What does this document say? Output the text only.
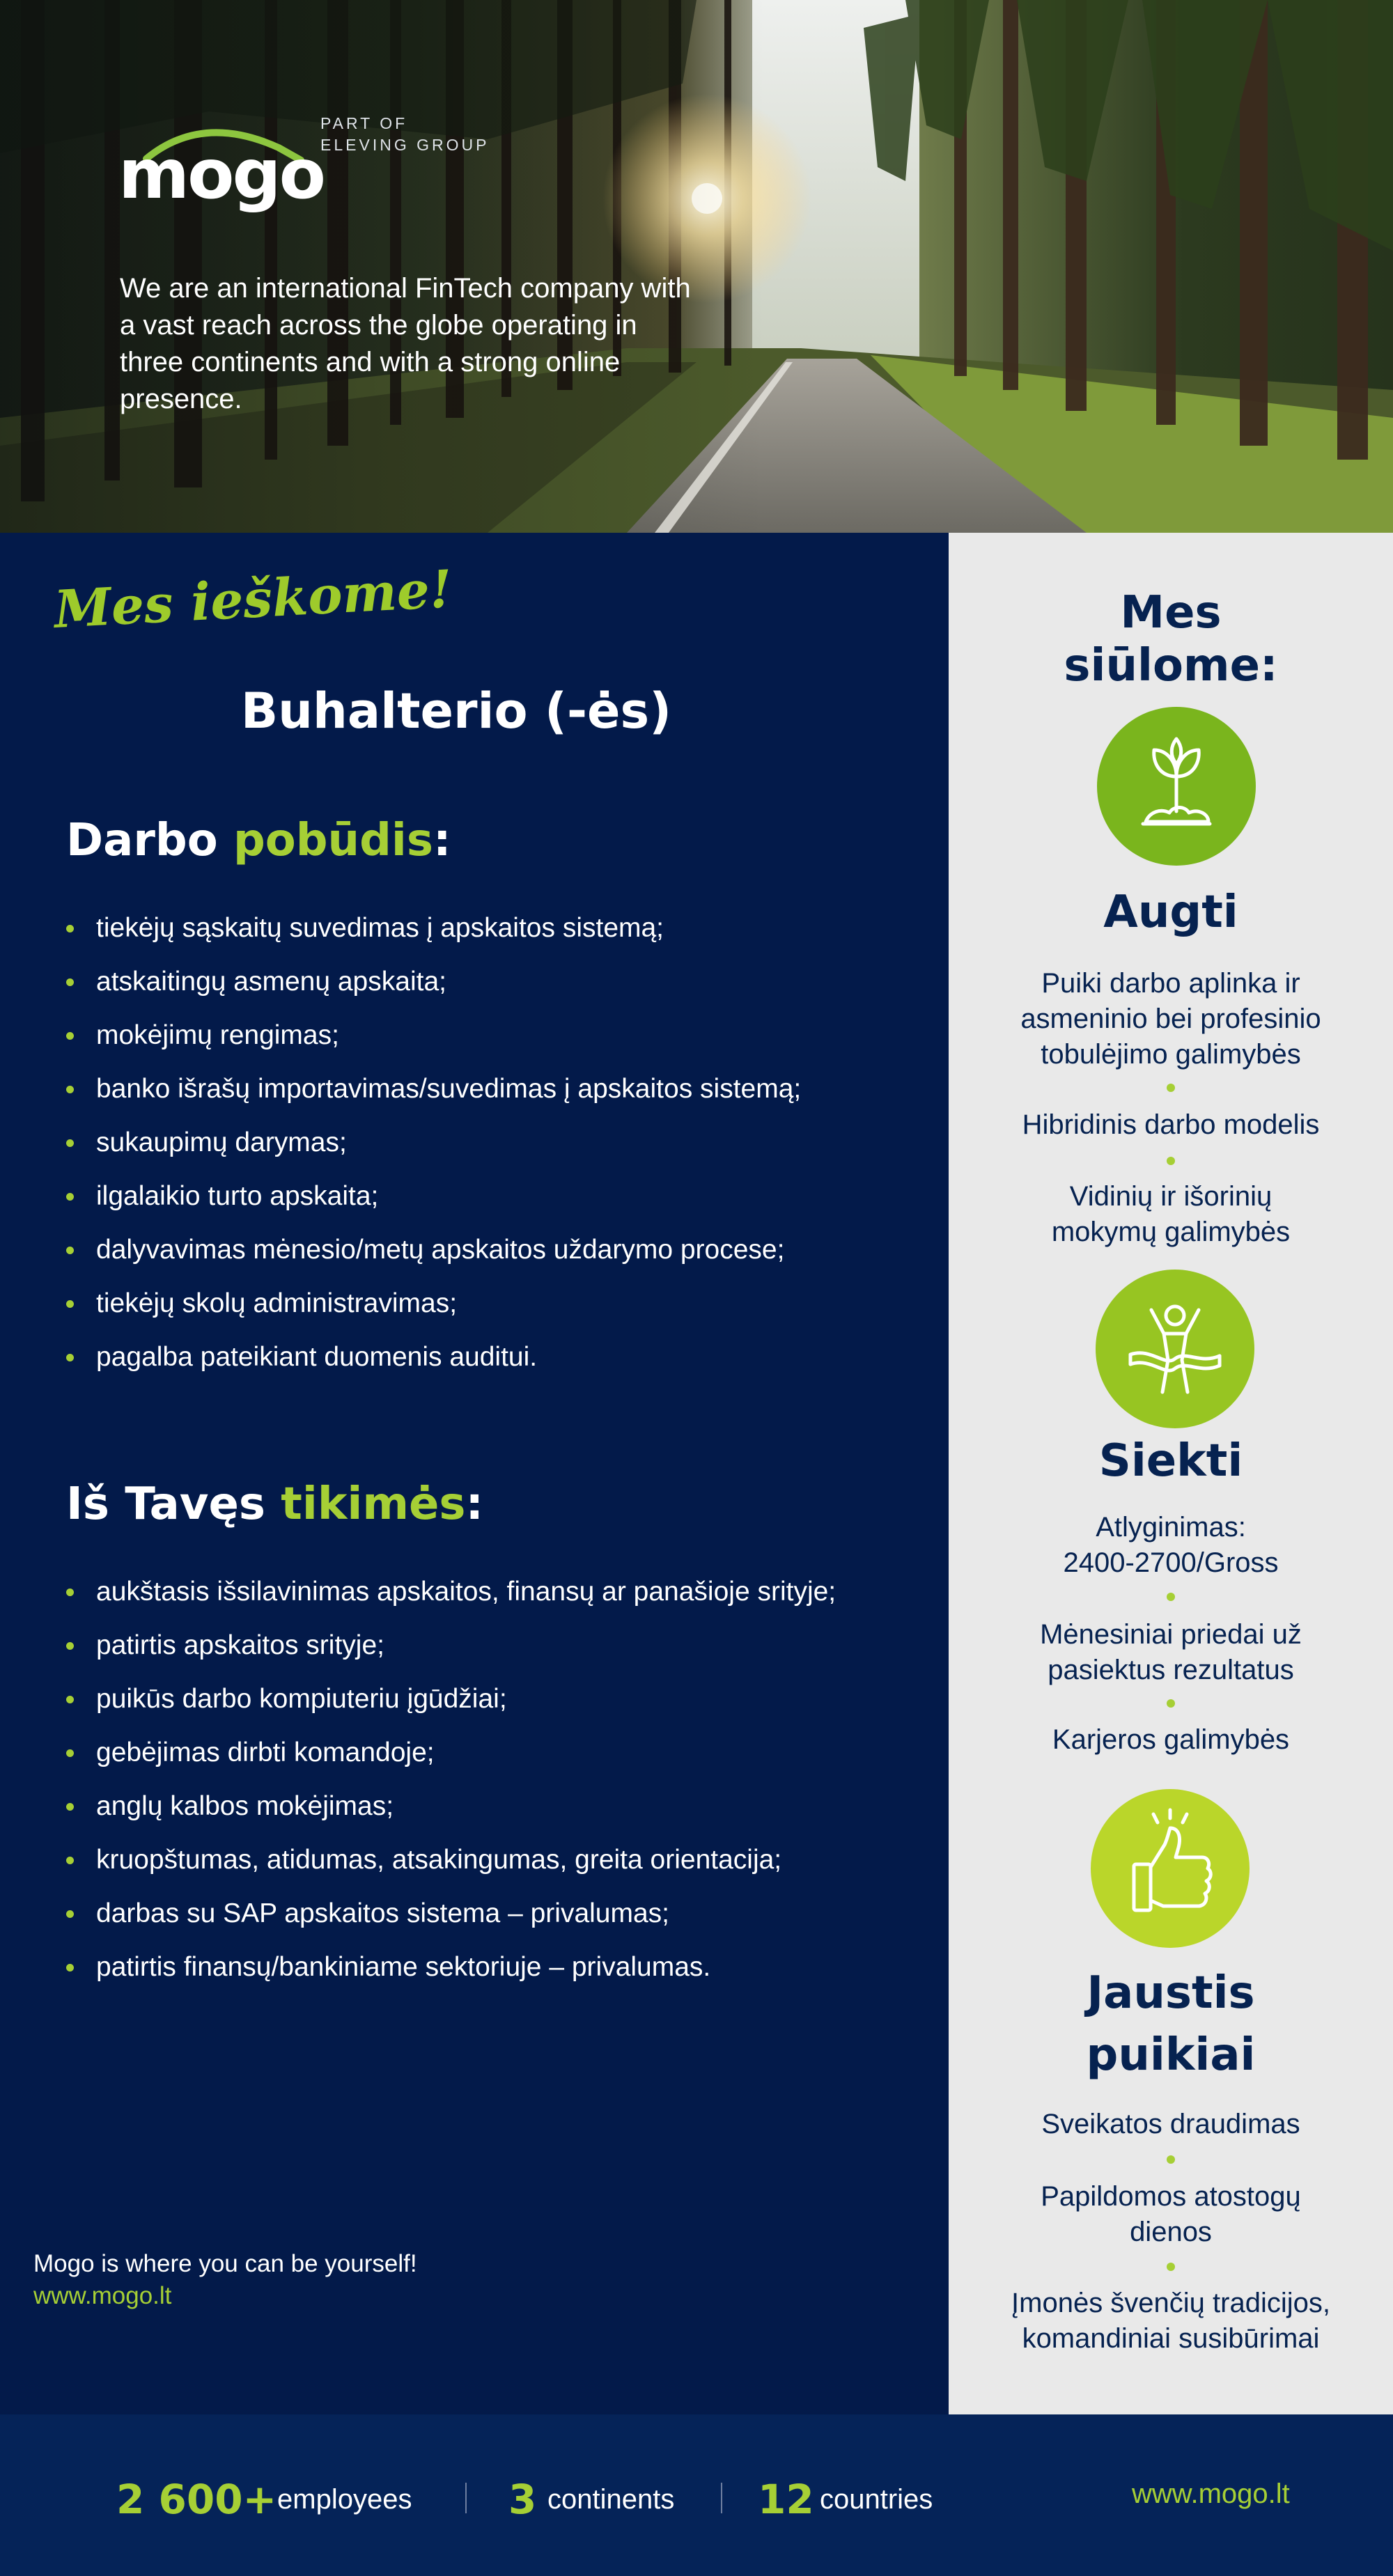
mogo
PART OF
ELEVING GROUP
We are an international FinTech company with a vast reach across the globe operating in three continents and with a strong online presence.
Mes ieškome!
Buhalterio (-ės)
Darbo pobūdis:
tiekėjų sąskaitų suvedimas į apskaitos sistemą;
atskaitingų asmenų apskaita;
mokėjimų rengimas;
banko išrašų importavimas/suvedimas į apskaitos sistemą;
sukaupimų darymas;
ilgalaikio turto apskaita;
dalyvavimas mėnesio/metų apskaitos uždarymo procese;
tiekėjų skolų administravimas;
pagalba pateikiant duomenis auditui.
Iš Tavęs tikimės:
aukštasis išsilavinimas apskaitos, finansų ar panašioje srityje;
patirtis apskaitos srityje;
puikūs darbo kompiuteriu įgūdžiai;
gebėjimas dirbti komandoje;
anglų kalbos mokėjimas;
kruopštumas, atidumas, atsakingumas, greita orientacija;
darbas su SAP apskaitos sistema – privalumas;
patirtis finansų/bankiniame sektoriuje – privalumas.
Mogo is where you can be yourself!
www.mogo.lt
Mes
siūlome:
Augti
Puiki darbo aplinka ir
asmeninio bei profesinio
tobulėjimo galimybės
Hibridinis darbo modelis
Vidinių ir išorinių
mokymų galimybės
Siekti
Atlyginimas:
2400-2700/Gross
Mėnesiniai priedai už
pasiektus rezultatus
Karjeros galimybės
Jaustis
puikiai
Sveikatos draudimas
Papildomos atostogų
dienos
Įmonės švenčių tradicijos,
komandiniai susibūrimai
2 600+ employees 3 continents 12 countries	www.mogo.lt
